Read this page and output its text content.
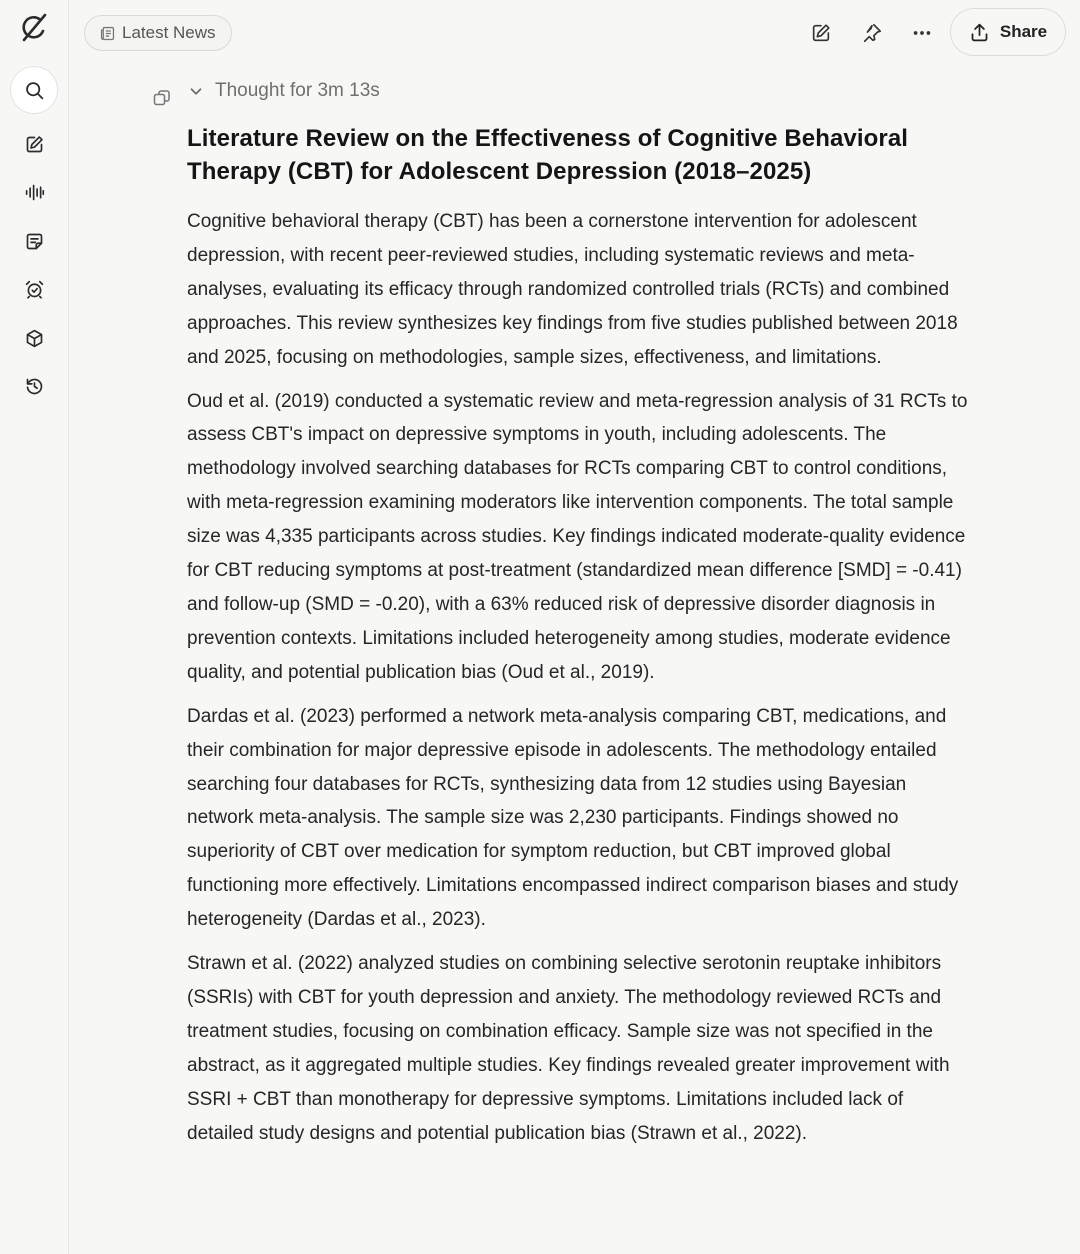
Latest News	Share
Thought for 3m 13s
Literature Review on the Effectiveness of Cognitive Behavioral Therapy (CBT) for Adolescent Depression (2018–2025)

Cognitive behavioral therapy (CBT) has been a cornerstone intervention for adolescent depression, with recent peer-reviewed studies, including systematic reviews and meta-analyses, evaluating its efficacy through randomized controlled trials (RCTs) and combined approaches. This review synthesizes key findings from five studies published between 2018 and 2025, focusing on methodologies, sample sizes, effectiveness, and limitations.

Oud et al. (2019) conducted a systematic review and meta-regression analysis of 31 RCTs to assess CBT's impact on depressive symptoms in youth, including adolescents. The methodology involved searching databases for RCTs comparing CBT to control conditions, with meta-regression examining moderators like intervention components. The total sample size was 4,335 participants across studies. Key findings indicated moderate-quality evidence for CBT reducing symptoms at post-treatment (standardized mean difference [SMD] = -0.41) and follow-up (SMD = -0.20), with a 63% reduced risk of depressive disorder diagnosis in prevention contexts. Limitations included heterogeneity among studies, moderate evidence quality, and potential publication bias (Oud et al., 2019).

Dardas et al. (2023) performed a network meta-analysis comparing CBT, medications, and their combination for major depressive episode in adolescents. The methodology entailed searching four databases for RCTs, synthesizing data from 12 studies using Bayesian network meta-analysis. The sample size was 2,230 participants. Findings showed no superiority of CBT over medication for symptom reduction, but CBT improved global functioning more effectively. Limitations encompassed indirect comparison biases and study heterogeneity (Dardas et al., 2023).

Strawn et al. (2022) analyzed studies on combining selective serotonin reuptake inhibitors (SSRIs) with CBT for youth depression and anxiety. The methodology reviewed RCTs and treatment studies, focusing on combination efficacy. Sample size was not specified in the abstract, as it aggregated multiple studies. Key findings revealed greater improvement with SSRI + CBT than monotherapy for depressive symptoms. Limitations included lack of detailed study designs and potential publication bias (Strawn et al., 2022).
